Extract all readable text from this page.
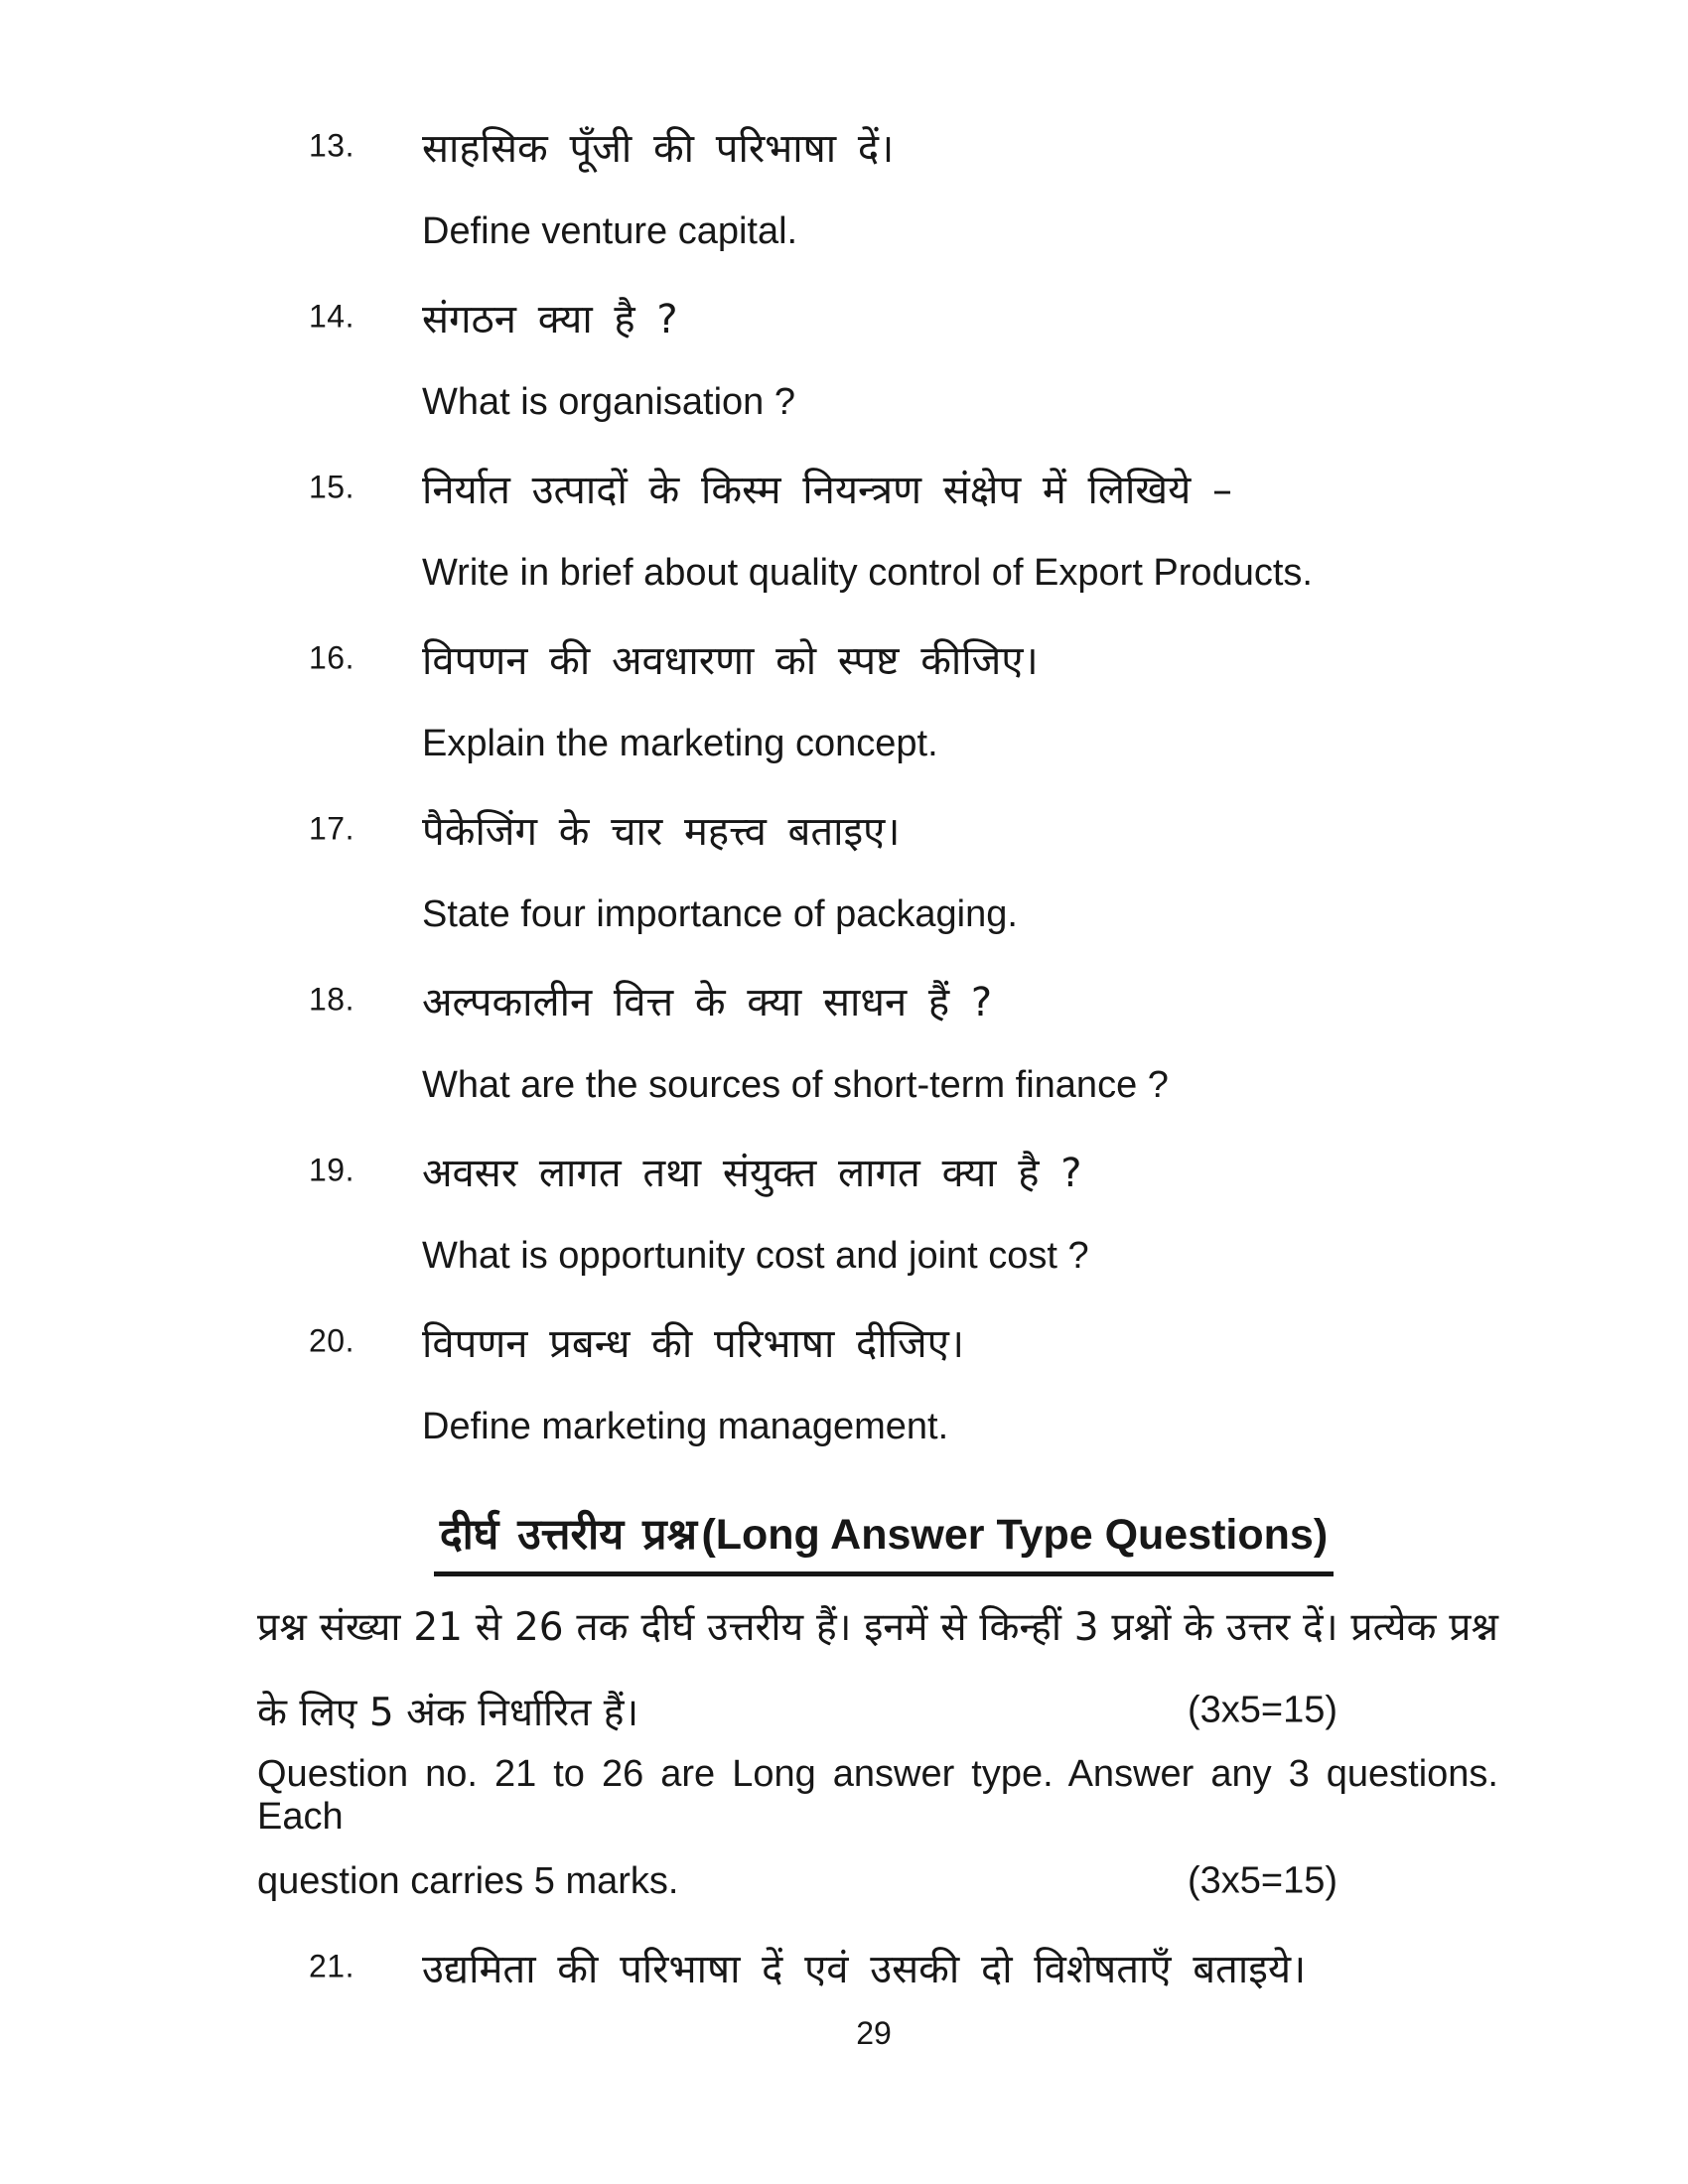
13. साहसिक पूँजी की परिभाषा दें।
Define venture capital.
14. संगठन क्या है ?
What is organisation ?
15. निर्यात उत्पादों के किस्म नियन्त्रण संक्षेप में लिखिये –
Write in brief about quality control of Export Products.
16. विपणन की अवधारणा को स्पष्ट कीजिए।
Explain the marketing concept.
17. पैकेजिंग के चार महत्त्व बताइए।
State four importance of packaging.
18. अल्पकालीन वित्त के क्या साधन हैं ?
What are the sources of short-term finance ?
19. अवसर लागत तथा संयुक्त लागत क्या है ?
What is opportunity cost and joint cost ?
20. विपणन प्रबन्ध की परिभाषा दीजिए।
Define marketing management.
दीर्घ उत्तरीय प्रश्न (Long Answer Type Questions)
प्रश्न संख्या 21 से 26 तक दीर्घ उत्तरीय हैं। इनमें से किन्हीं 3 प्रश्नों के उत्तर दें। प्रत्येक प्रश्न
के लिए 5 अंक निर्धारित हैं।	(3x5=15)
Question no. 21 to 26 are Long answer type. Answer any 3 questions. Each
question carries 5 marks.	(3x5=15)
21. उद्यमिता की परिभाषा दें एवं उसकी दो विशेषताएँ बताइये।
29
